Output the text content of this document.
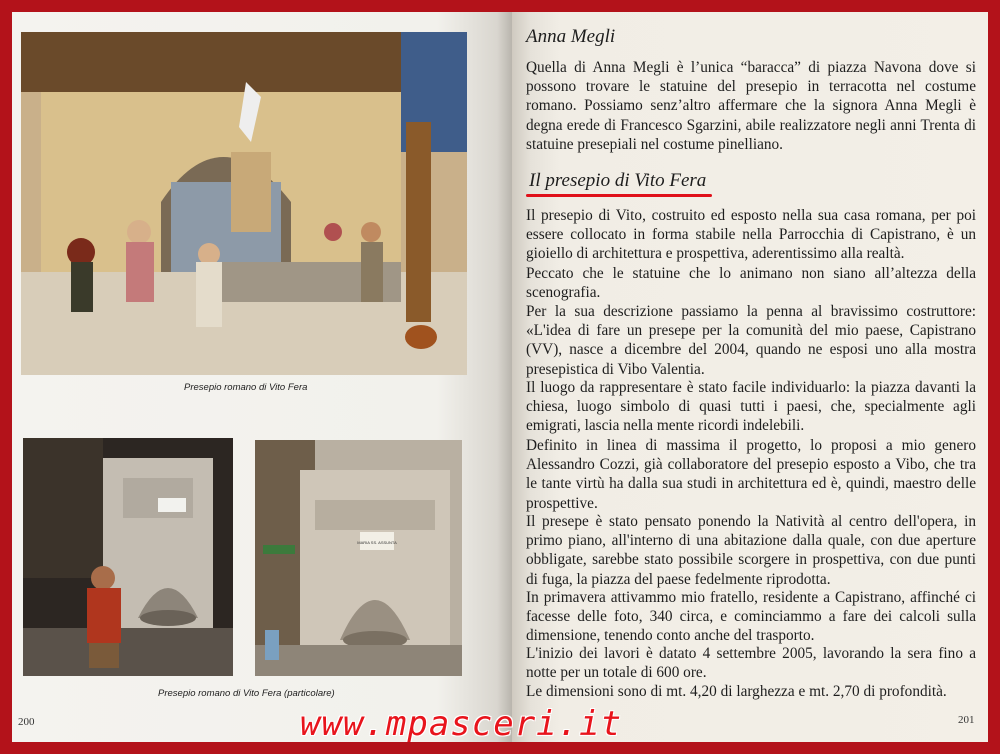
Presepio romano di Vito Fera
MARIA SS. ASSUNTA
Presepio romano di Vito Fera (particolare)
200
Anna Megli

Quella di Anna Megli è l’unica “baracca” di piazza Navona dove si possono trovare le statuine del presepio in terracotta nel costume romano. Possiamo senz’altro affermare che la signora Anna Megli è degna erede di Francesco Sgarzini, abile realizzatore negli anni Trenta di statuine presepiali nel costume pinelliano.

Il presepio di Vito Fera

Il presepio di Vito, costruito ed esposto nella sua casa romana, per poi essere collocato in forma stabile nella Parrocchia di Capistrano, è un gioiello di architettura e prospettiva, aderentissimo alla realtà.

Peccato che le statuine che lo animano non siano all’altezza della scenografia.

Per la sua descrizione passiamo la penna al bravissimo costruttore: «L'idea di fare un presepe per la comunità del mio paese, Capistrano (VV), nasce a dicembre del 2004, quando ne esposi uno alla mostra presepistica di Vibo Valentia.

Il luogo da rappresentare è stato facile individuarlo: la piazza davanti la chiesa, luogo simbolo di quasi tutti i paesi, che, specialmente agli emigrati, lascia nella mente ricordi indelebili.

Definito in linea di massima il progetto, lo proposi a mio genero Alessandro Cozzi, già collaboratore del presepio esposto a Vibo, che tra le tante virtù ha dalla sua studi in architettura ed è, quindi, maestro delle prospettive.

Il presepe è stato pensato ponendo la Natività al centro dell'opera, in primo piano, all'interno di una abitazione dalla quale, con due aperture obbligate, sarebbe stato possibile scorgere in prospettiva, con due punti di fuga, la piazza del paese fedelmente riprodotta.

In primavera attivammo mio fratello, residente a Capistrano, affinché ci facesse delle foto, 340 circa, e cominciammo a fare dei calcoli sulla dimensione, tenendo conto anche del trasporto.

L'inizio dei lavori è datato 4 settembre 2005, lavorando la sera fino a notte per un totale di 600 ore.

Le dimensioni sono di mt. 4,20 di larghezza e mt. 2,70 di profondità.

201
www.mpasceri.it
